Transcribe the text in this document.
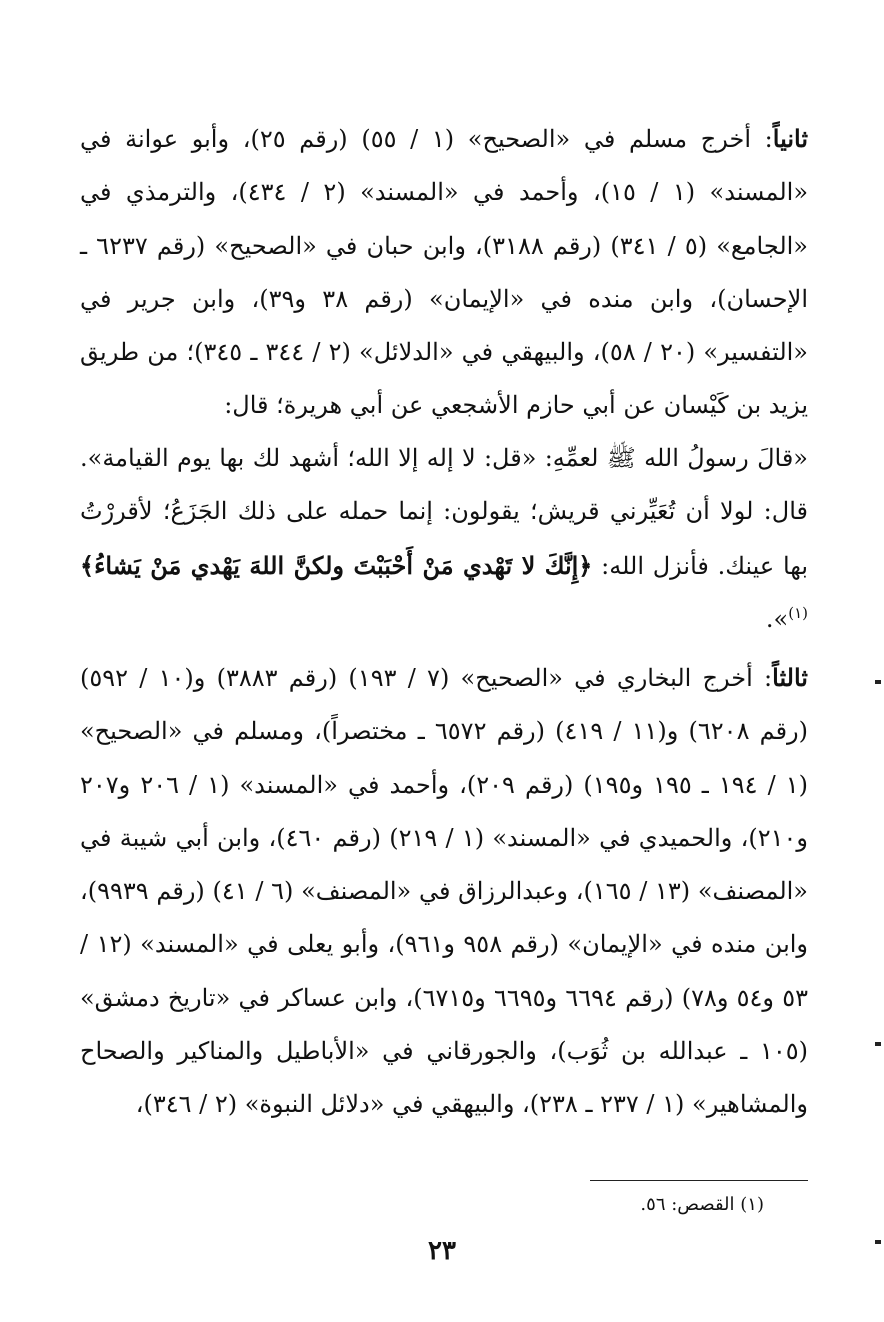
ثانياً: أخرج مسلم في «الصحيح» (١ / ٥٥) (رقم ٢٥)، وأبو عوانة في «المسند» (١ / ١٥)، وأحمد في «المسند» (٢ / ٤٣٤)، والترمذي في «الجامع» (٥ / ٣٤١) (رقم ٣١٨٨)، وابن حبان في «الصحيح» (رقم ٦٢٣٧ ـ الإحسان)، وابن منده في «الإيمان» (رقم ٣٨ و٣٩)، وابن جرير في «التفسير» (٢٠ / ٥٨)، والبيهقي في «الدلائل» (٢ / ٣٤٤ ـ ٣٤٥)؛ من طريق يزيد بن كَيْسان عن أبي حازم الأشجعي عن أبي هريرة؛ قال:
«قالَ رسولُ الله ﷺ لعمِّهِ: «قل: لا إله إلا الله؛ أشهد لك بها يوم القيامة». قال: لولا أن تُعَيِّرني قريش؛ يقولون: إنما حمله على ذلك الجَزَعُ؛ لأقررْتُ بها عينك. فأنزل الله: ﴿إِنَّكَ لا تَهْدي مَنْ أَحْبَبْتَ ولكنَّ اللهَ يَهْدي مَنْ يَشاءُ﴾$^{(١)}$».
ثالثاً: أخرج البخاري في «الصحيح» (٧ / ١٩٣) (رقم ٣٨٨٣) و(١٠ / ٥٩٢) (رقم ٦٢٠٨) و(١١ / ٤١٩) (رقم ٦٥٧٢ ـ مختصراً)، ومسلم في «الصحيح» (١ / ١٩٤ ـ ١٩٥ و١٩٥) (رقم ٢٠٩)، وأحمد في «المسند» (١ / ٢٠٦ و٢٠٧ و٢١٠)، والحميدي في «المسند» (١ / ٢١٩) (رقم ٤٦٠)، وابن أبي شيبة في «المصنف» (١٣ / ١٦٥)، وعبدالرزاق في «المصنف» (٦ / ٤١) (رقم ٩٩٣٩)، وابن منده في «الإيمان» (رقم ٩٥٨ و٩٦١)، وأبو يعلى في «المسند» (١٢ / ٥٣ و٥٤ و٧٨) (رقم ٦٦٩٤ و٦٦٩٥ و٦٧١٥)، وابن عساكر في «تاريخ دمشق» (١٠٥ ـ عبدالله بن ثُوَب)، والجورقاني في «الأباطيل والمناكير والصحاح والمشاهير» (١ / ٢٣٧ ـ ٢٣٨)، والبيهقي في «دلائل النبوة» (٢ / ٣٤٦)،
(١) القصص: ٥٦.
٢٣
